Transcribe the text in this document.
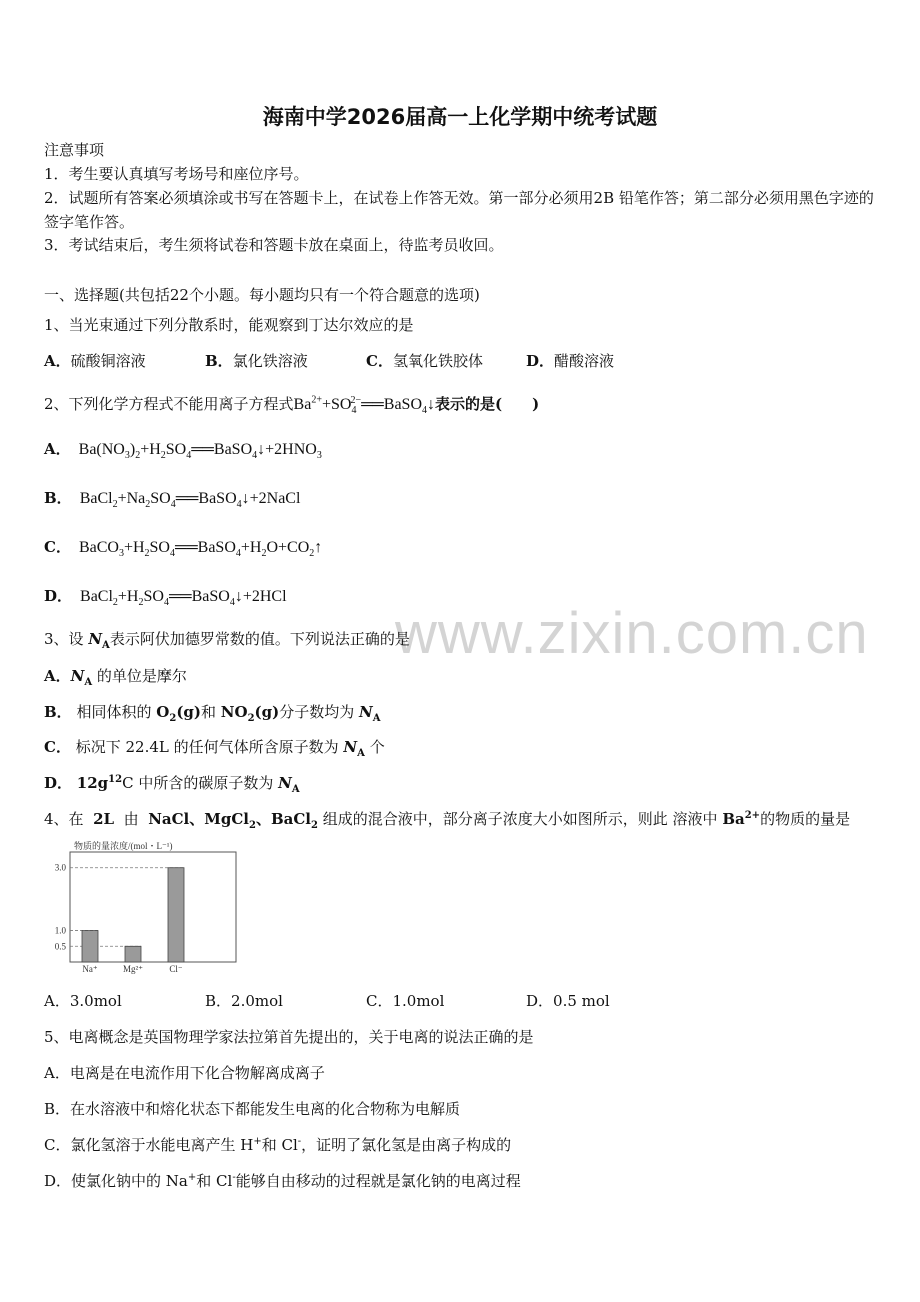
海南中学2026届高一上化学期中统考试题
www.zixin.com.cn
注意事项
1．考生要认真填写考场号和座位序号。
2．试题所有答案必须填涂或书写在答题卡上，在试卷上作答无效。第一部分必须用2B 铅笔作答；第二部分必须用黑色字迹的签字笔作答。
3．考试结束后，考生须将试卷和答题卡放在桌面上，待监考员收回。
一、选择题(共包括22个小题。每小题均只有一个符合题意的选项)
1、当光束通过下列分散系时，能观察到丁达尔效应的是
A．硫酸铜溶液	B．氯化铁溶液	C．氢氧化铁胶体	D．醋酸溶液
2、下列化学方程式不能用离子方程式$Ba^{2+}+SO_4^{2-}══BaSO_4↓$表示的是(　　)
A． $Ba(NO_3)_2+H_2SO_4══BaSO_4↓+2HNO_3$
B． $BaCl_2+Na_2SO_4══BaSO_4↓+2NaCl$
C． $BaCO_3+H_2SO_4══BaSO_4+H_2O+CO_2↑$
D． $BaCl_2+H_2SO_4══BaSO_4↓+2HCl$
3、设 $N_A$表示阿伏加德罗常数的值。下列说法正确的是
A．$N_A$ 的单位是摩尔
B． 相同体积的 $O_2(g)$和 $NO_2(g)$分子数均为 $N_A$
C． 标况下 22.4L 的任何气体所含原子数为 $N_A$ 个
D． $12g^{12}C$ 中所含的碳原子数为 $N_A$
4、在 2L 由 NaCl、MgCl$_2$、BaCl$_2$ 组成的混合液中，部分离子浓度大小如图所示，则此 溶液中 $Ba^{2+}$的物质的量是
物质的量浓度/(mol・L⁻¹)
3.0
1.0
0.5
Na⁺	Mg²⁺	Cl⁻
A．3.0mol	B．2.0mol	C．1.0mol	D．0.5 mol
5、电离概念是英国物理学家法拉第首先提出的，关于电离的说法正确的是
A．电离是在电流作用下化合物解离成离子
B．在水溶液中和熔化状态下都能发生电离的化合物称为电解质
C．氯化氢溶于水能电离产生 H+和 Cl-，证明了氯化氢是由离子构成的
D．使氯化钠中的 Na+和 Cl-能够自由移动的过程就是氯化钠的电离过程
